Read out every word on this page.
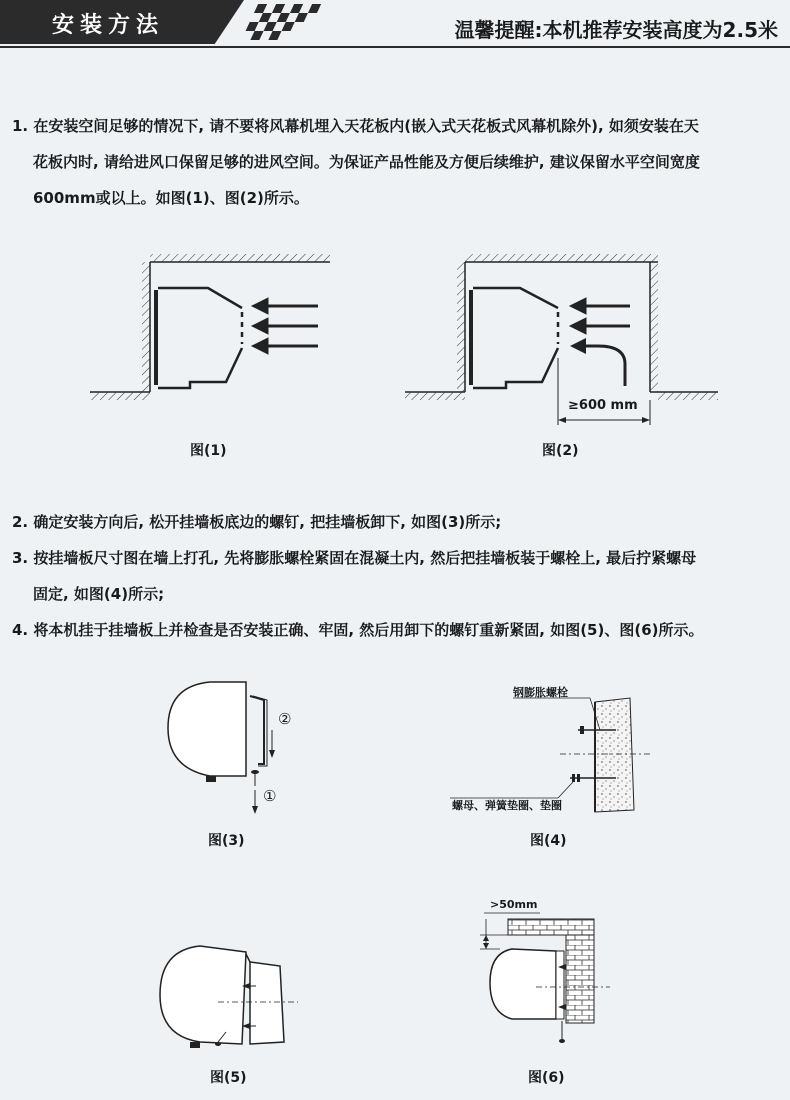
安装方法	温馨提醒:本机推荐安装高度为2.5米
1. 在安装空间足够的情况下, 请不要将风幕机埋入天花板内(嵌入式天花板式风幕机除外), 如须安装在天
花板内时, 请给进风口保留足够的进风空间。为保证产品性能及方便后续维护, 建议保留水平空间宽度
600mm或以上。如图(1)、图(2)所示。
图(1)
≥600 mm
图(2)
2. 确定安装方向后, 松开挂墙板底边的螺钉, 把挂墙板卸下, 如图(3)所示;
3. 按挂墙板尺寸图在墙上打孔, 先将膨胀螺栓紧固在混凝土内, 然后把挂墙板装于螺栓上, 最后拧紧螺母
固定, 如图(4)所示;
4. 将本机挂于挂墙板上并检查是否安装正确、牢固, 然后用卸下的螺钉重新紧固, 如图(5)、图(6)所示。
②
①
图(3)
钢膨胀螺栓
螺母、弹簧垫圈、垫圈
图(4)
图(5)
>50mm
图(6)
